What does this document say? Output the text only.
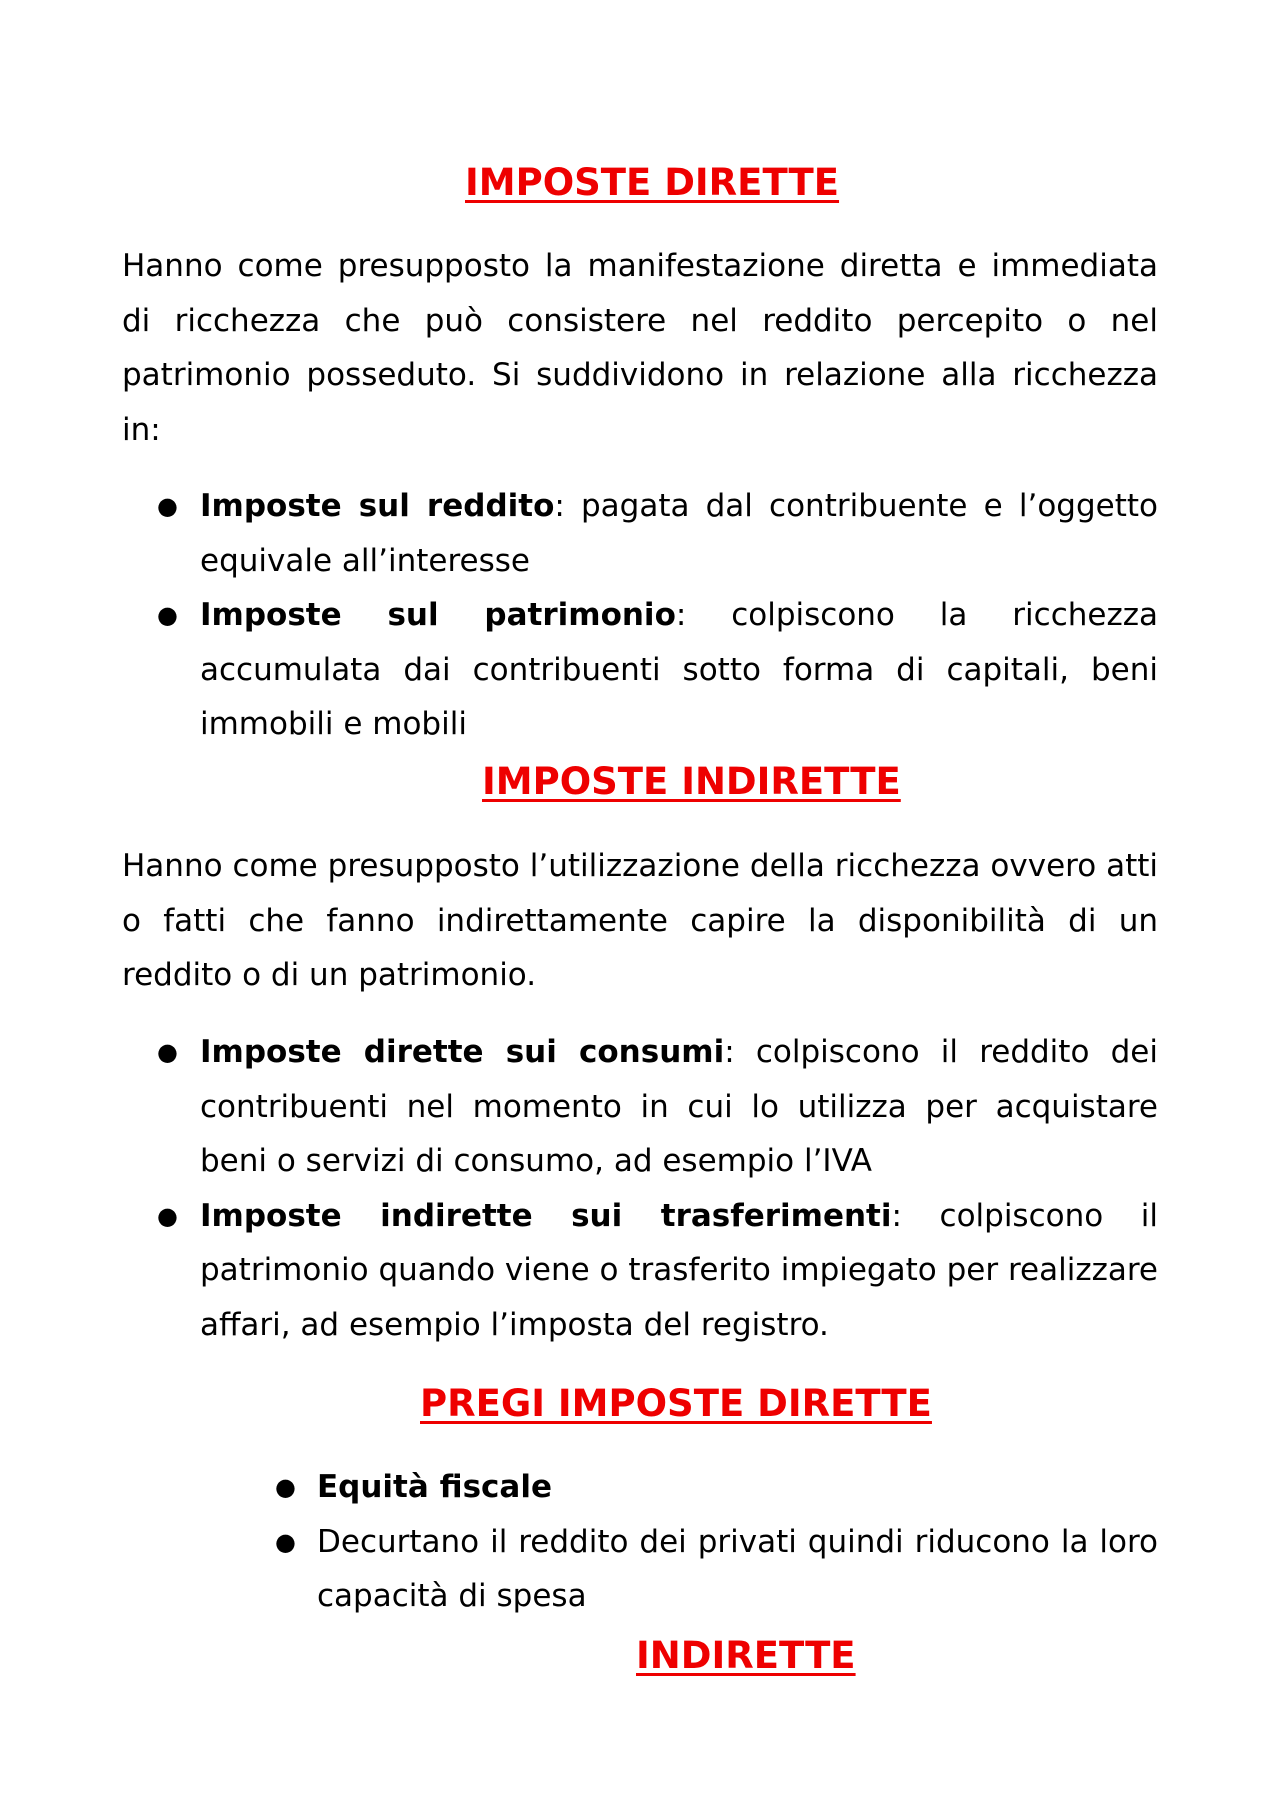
IMPOSTE DIRETTE

Hanno come presupposto la manifestazione diretta e immediata di ricchezza che può consistere nel reddito percepito o nel patrimonio posseduto. Si suddividono in relazione alla ricchezza in:

● Imposte sul reddito: pagata dal contribuente e l’oggetto equivale all’interesse
● Imposte sul patrimonio: colpiscono la ricchezza accumulata dai contribuenti sotto forma di capitali, beni immobili e mobili
IMPOSTE INDIRETTE

Hanno come presupposto l’utilizzazione della ricchezza ovvero atti o fatti che fanno indirettamente capire la disponibilità di un reddito o di un patrimonio.

● Imposte dirette sui consumi: colpiscono il reddito dei contribuenti nel momento in cui lo utilizza per acquistare beni o servizi di consumo, ad esempio l’IVA
● Imposte indirette sui trasferimenti: colpiscono il patrimonio quando viene o trasferito impiegato per realizzare affari, ad esempio l’imposta del registro.
PREGI IMPOSTE DIRETTE
● Equità fiscale
● Decurtano il reddito dei privati quindi riducono la loro capacità di spesa
INDIRETTE
